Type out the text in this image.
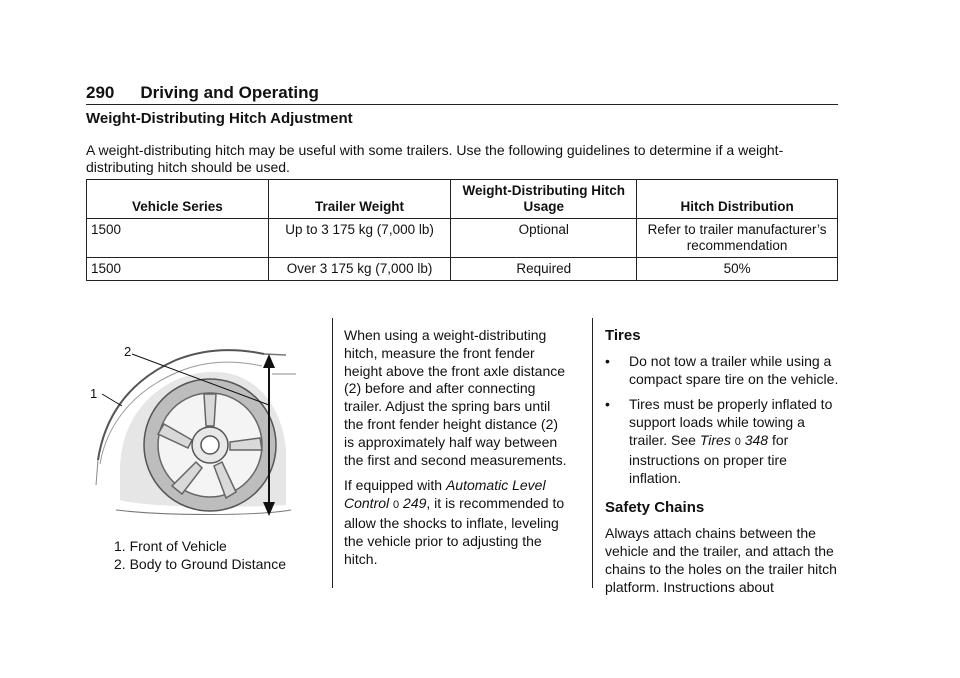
290 Driving and Operating
Weight-Distributing Hitch Adjustment
A weight-distributing hitch may be useful with some trailers. Use the following guidelines to determine if a weight-distributing hitch should be used.
Vehicle Series	Trailer Weight	Weight-Distributing Hitch Usage	Hitch Distribution
1500	Up to 3 175 kg (7,000 lb)	Optional	Refer to trailer manufacturer’s recommendation
1500	Over 3 175 kg (7,000 lb)	Required	50%
2
1
1. Front of Vehicle
2. Body to Ground Distance

When using a weight-distributing hitch, measure the front fender height above the front axle distance (2) before and after connecting trailer. Adjust the spring bars until the front fender height distance (2) is approximately half way between the first and second measurements.

If equipped with Automatic Level Control 0 249, it is recommended to allow the shocks to inflate, leveling the vehicle prior to adjusting the hitch.

Tires
• Do not tow a trailer while using a compact spare tire on the vehicle.
• Tires must be properly inflated to support loads while towing a trailer. See Tires 0 348 for instructions on proper tire inflation.
Safety Chains

Always attach chains between the vehicle and the trailer, and attach the chains to the holes on the trailer hitch platform. Instructions about
